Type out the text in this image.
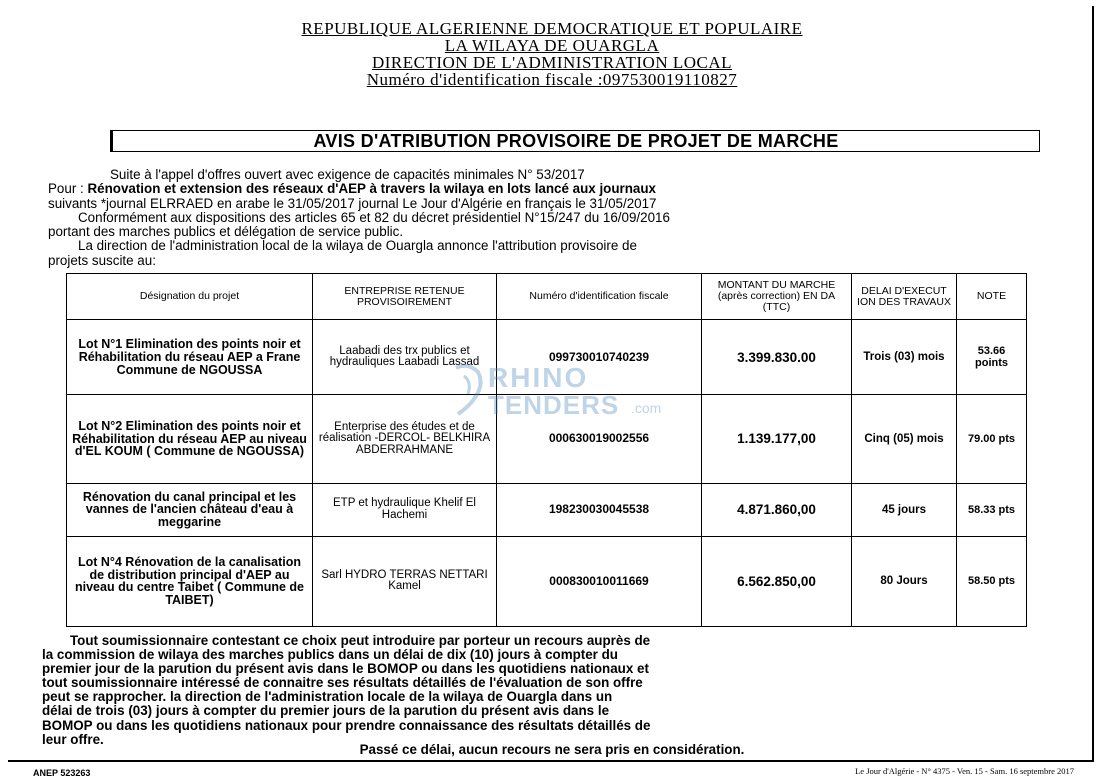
REPUBLIQUE ALGERIENNE DEMOCRATIQUE ET POPULAIRE
LA WILAYA DE OUARGLA
DIRECTION DE L'ADMINISTRATION LOCAL
Numéro d'identification fiscale :097530019110827
AVIS D'ATRIBUTION PROVISOIRE DE PROJET DE MARCHE

Suite à l'appel d'offres ouvert avec exigence de capacités minimales N° 53/2017

Pour : Rénovation et extension des réseaux d'AEP à travers la wilaya en lots lancé aux journaux

suivants *journal ELRRAED en arabe le 31/05/2017 journal Le Jour d'Algérie en français le 31/05/2017

Conformément aux dispositions des articles 65 et 82 du décret présidentiel N°15/247 du 16/09/2016

portant des marches publics et délégation de service public.

La direction de l'administration local de la wilaya de Ouargla annonce l'attribution provisoire de

projets suscite au:

Désignation du projet	ENTREPRISE RETENUE PROVISOIREMENT	Numéro d'identification fiscale	MONTANT DU MARCHE (après correction) EN DA (TTC)	DELAI D'EXECUT ION DES TRAVAUX	NOTE
Lot N°1 Elimination des points noir et Réhabilitation du réseau AEP a Frane Commune de NGOUSSA	Laabadi des trx publics et hydrauliques Laabadi Lassad	099730010740239	3.399.830.00	Trois (03) mois	53.66 points
Lot N°2 Elimination des points noir et Réhabilitation du réseau AEP au niveau d'EL KOUM ( Commune de NGOUSSA)	Enterprise des études et de réalisation -DERCOL- BELKHIRA ABDERRAHMANE	000630019002556	1.139.177,00	Cinq (05) mois	79.00 pts
Rénovation du canal principal et les vannes de l'ancien château d'eau à meggarine	ETP et hydraulique Khelif El Hachemi	198230030045538	4.871.860,00	45 jours	58.33 pts
Lot N°4 Rénovation de la canalisation de distribution principal d'AEP au niveau du centre Taibet ( Commune de TAIBET)	Sarl HYDRO TERRAS NETTARI Kamel	000830010011669	6.562.850,00	80 Jours	58.50 pts
RHINO
TENDERS .com

Tout soumissionnaire contestant ce choix peut introduire par porteur un recours auprès de

la commission de wilaya des marches publics dans un délai de dix (10) jours à compter du

premier jour de la parution du présent avis dans le BOMOP ou dans les quotidiens nationaux et

tout soumissionnaire intéressé de connaitre ses résultats détaillés de l'évaluation de son offre

peut se rapprocher. la direction de l'administration locale de la wilaya de Ouargla dans un

délai de trois (03) jours à compter du premier jours de la parution du présent avis dans le

BOMOP ou dans les quotidiens nationaux pour prendre connaissance des résultats détaillés de

leur offre.

Passé ce délai, aucun recours ne sera pris en considération.
ANEP 523263	Le Jour d'Algérie - N° 4375 - Ven. 15 - Sam. 16 septembre 2017
